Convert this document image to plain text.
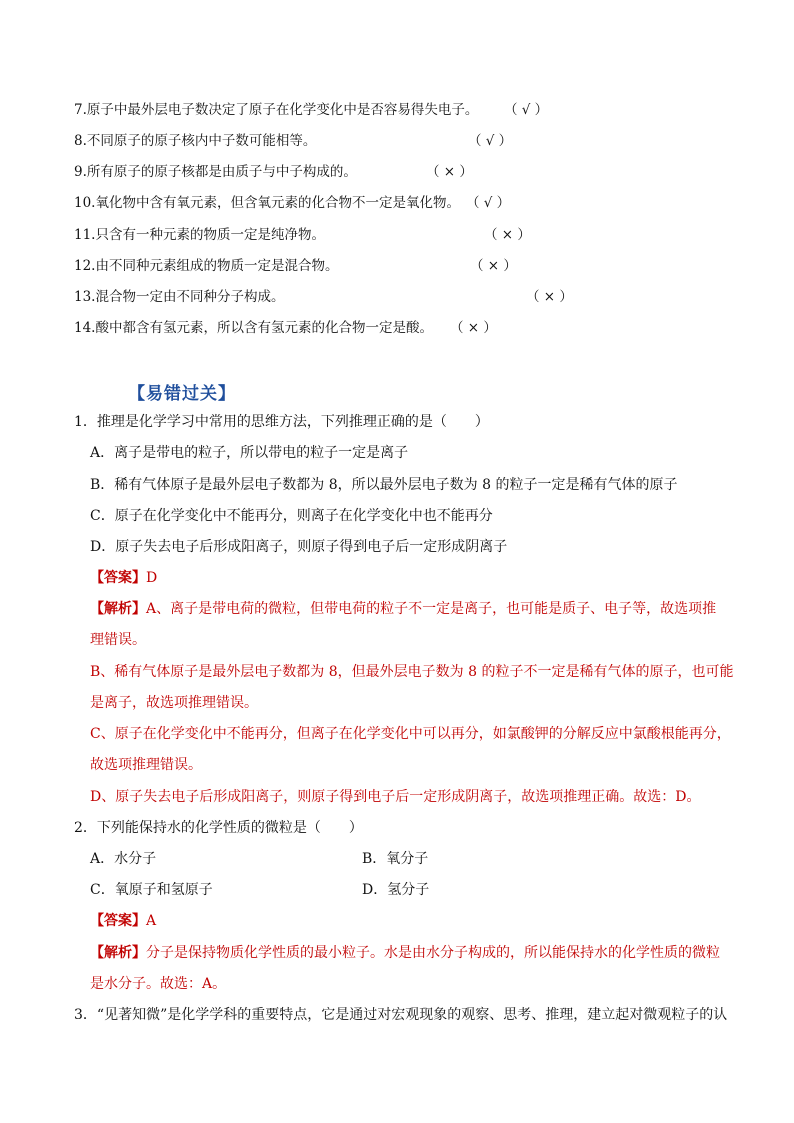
7.原子中最外层电子数决定了原子在化学变化中是否容易得失电子。 （ √ ）
8.不同原子的原子核内中子数可能相等。	（ √ ）
9.所有原子的原子核都是由质子与中子构成的。	（ × ）
10.氧化物中含有氧元素，但含氧元素的化合物不一定是氧化物。 （ √ ）
11.只含有一种元素的物质一定是纯净物。	（ × ）
12.由不同种元素组成的物质一定是混合物。	（ × ）
13.混合物一定由不同种分子构成。	（ × ）
14.酸中都含有氢元素，所以含有氢元素的化合物一定是酸。 （ × ）
【易错过关】
1．推理是化学学习中常用的思维方法，下列推理正确的是（　　）
A．离子是带电的粒子，所以带电的粒子一定是离子
B．稀有气体原子是最外层电子数都为 8，所以最外层电子数为 8 的粒子一定是稀有气体的原子
C．原子在化学变化中不能再分，则离子在化学变化中也不能再分
D．原子失去电子后形成阳离子，则原子得到电子后一定形成阴离子
【答案】D
【解析】A、离子是带电荷的微粒，但带电荷的粒子不一定是离子，也可能是质子、电子等，故选项推
理错误。
B、稀有气体原子是最外层电子数都为 8，但最外层电子数为 8 的粒子不一定是稀有气体的原子，也可能
是离子，故选项推理错误。
C、原子在化学变化中不能再分，但离子在化学变化中可以再分，如氯酸钾的分解反应中氯酸根能再分，
故选项推理错误。
D、原子失去电子后形成阳离子，则原子得到电子后一定形成阴离子，故选项推理正确。故选：D。
2．下列能保持水的化学性质的微粒是（　　）
A．水分子	B．氧分子
C．氧原子和氢原子	D．氢分子
【答案】A
【解析】分子是保持物质化学性质的最小粒子。水是由水分子构成的，所以能保持水的化学性质的微粒
是水分子。故选：A。
3．“见著知微”是化学学科的重要特点，它是通过对宏观现象的观察、思考、推理，建立起对微观粒子的认
